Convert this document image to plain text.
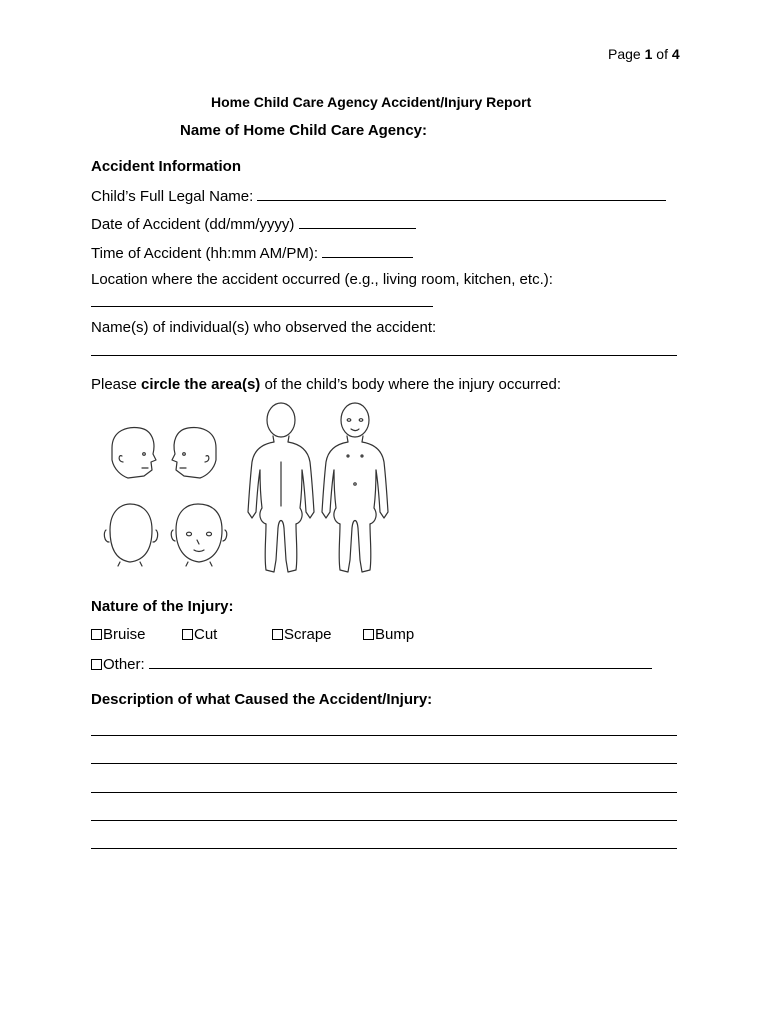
Page 1 of 4
Home Child Care Agency Accident/Injury Report
Name of Home Child Care Agency:
Accident Information
Child’s Full Legal Name:
Date of Accident (dd/mm/yyyy)
Time of Accident (hh:mm AM/PM):
Location where the accident occurred (e.g., living room, kitchen, etc.):
Name(s) of individual(s) who observed the accident:
Please circle the area(s) of the child’s body where the injury occurred:
Nature of the Injury:
Bruise	Cut	Scrape	Bump
Other:
Description of what Caused the Accident/Injury:
